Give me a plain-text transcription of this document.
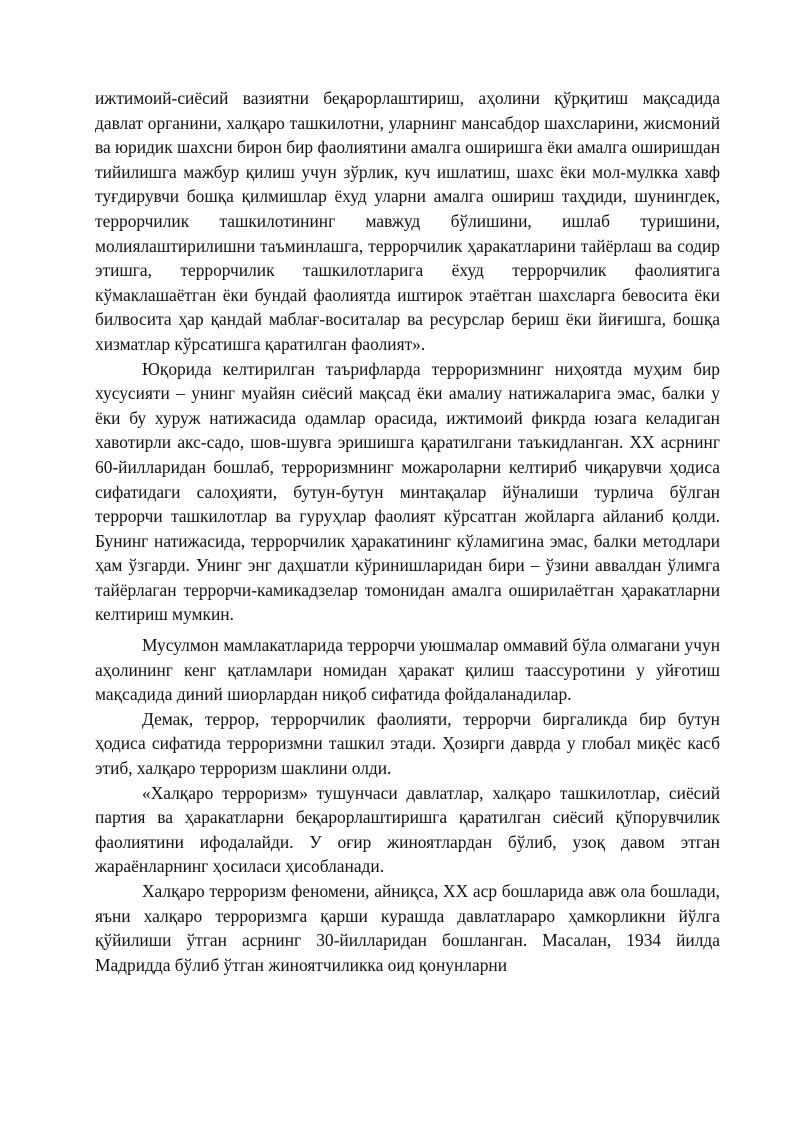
ижтимоий-сиёсий вазиятни беқарорлаштириш, аҳолини қўрқитиш мақсадида давлат органини, халқаро ташкилотни, уларнинг мансабдор шахсларини, жисмоний ва юридик шахсни бирон бир фаолиятини амалга оширишга ёки амалга оширишдан тийилишга мажбур қилиш учун зўрлик, куч ишлатиш, шахс ёки мол-мулкка хавф туғдирувчи бошқа қилмишлар ёхуд уларни амалга ошириш таҳдиди, шунингдек, террорчилик ташкилотининг мавжуд бўлишини, ишлаб туришини, молиялаштирилишни таъминлашга, террорчилик ҳаракатларини тайёрлаш ва содир этишга, террорчилик ташкилотларига ёхуд террорчилик фаолиятига кўмаклашаётган ёки бундай фаолиятда иштирок этаётган шахсларга бевосита ёки билвосита ҳар қандай маблағ-воситалар ва ресурслар бериш ёки йиғишга, бошқа хизматлар кўрсатишга қаратилган фаолият».

Юқорида келтирилган таърифларда терроризмнинг ниҳоятда муҳим бир хусусияти – унинг муайян сиёсий мақсад ёки амалиу натижаларига эмас, балки у ёки бу хуруж натижасида одамлар орасида, ижтимоий фикрда юзага келадиган хавотирли акс-садо, шов-шувга эришишга қаратилгани таъкидланган. XX асрнинг 60-йилларидан бошлаб, терроризмнинг можароларни келтириб чиқарувчи ҳодиса сифатидаги салоҳияти, бутун-бутун минтақалар йўналиши турлича бўлган террорчи ташкилотлар ва гуруҳлар фаолият кўрсатган жойларга айланиб қолди. Бунинг натижасида, террорчилик ҳаракатининг кўламигина эмас, балки методлари ҳам ўзгарди. Унинг энг даҳшатли кўринишларидан бири – ўзини аввалдан ўлимга тайёрлаган террорчи-камикадзелар томонидан амалга оширилаётган ҳаракатларни келтириш мумкин.

Мусулмон мамлакатларида террорчи уюшмалар оммавий бўла олмагани учун аҳолининг кенг қатламлари номидан ҳаракат қилиш таассуротини у уйғотиш мақсадида диний шиорлардан ниқоб сифатида фойдаланадилар.

Демак, террор, террорчилик фаолияти, террорчи биргаликда бир бутун ҳодиса сифатида терроризмни ташкил этади. Ҳозирги даврда у глобал миқёс касб этиб, халқаро терроризм шаклини олди.

«Халқаро терроризм» тушунчаси давлатлар, халқаро ташкилотлар, сиёсий партия ва ҳаракатларни беқарорлаштиришга қаратилган сиёсий қўпорувчилик фаолиятини ифодалайди. У оғир жиноятлардан бўлиб, узоқ давом этган жараёнларнинг ҳосиласи ҳисобланади.

Халқаро терроризм феномени, айниқса, XX аср бошларида авж ола бошлади, яъни халқаро терроризмга қарши курашда давлатлараро ҳамкорликни йўлга қўйилиши ўтган асрнинг 30-йилларидан бошланган. Масалан, 1934 йилда Мадридда бўлиб ўтган жиноятчиликка оид қонунларни
